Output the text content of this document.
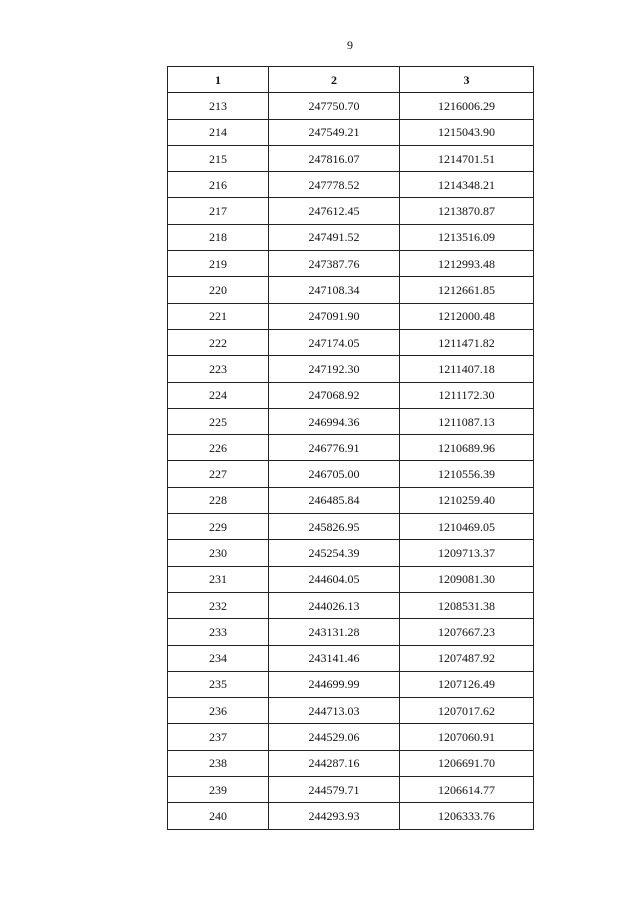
9
1	2	3
213	247750.70	1216006.29
214	247549.21	1215043.90
215	247816.07	1214701.51
216	247778.52	1214348.21
217	247612.45	1213870.87
218	247491.52	1213516.09
219	247387.76	1212993.48
220	247108.34	1212661.85
221	247091.90	1212000.48
222	247174.05	1211471.82
223	247192.30	1211407.18
224	247068.92	1211172.30
225	246994.36	1211087.13
226	246776.91	1210689.96
227	246705.00	1210556.39
228	246485.84	1210259.40
229	245826.95	1210469.05
230	245254.39	1209713.37
231	244604.05	1209081.30
232	244026.13	1208531.38
233	243131.28	1207667.23
234	243141.46	1207487.92
235	244699.99	1207126.49
236	244713.03	1207017.62
237	244529.06	1207060.91
238	244287.16	1206691.70
239	244579.71	1206614.77
240	244293.93	1206333.76
